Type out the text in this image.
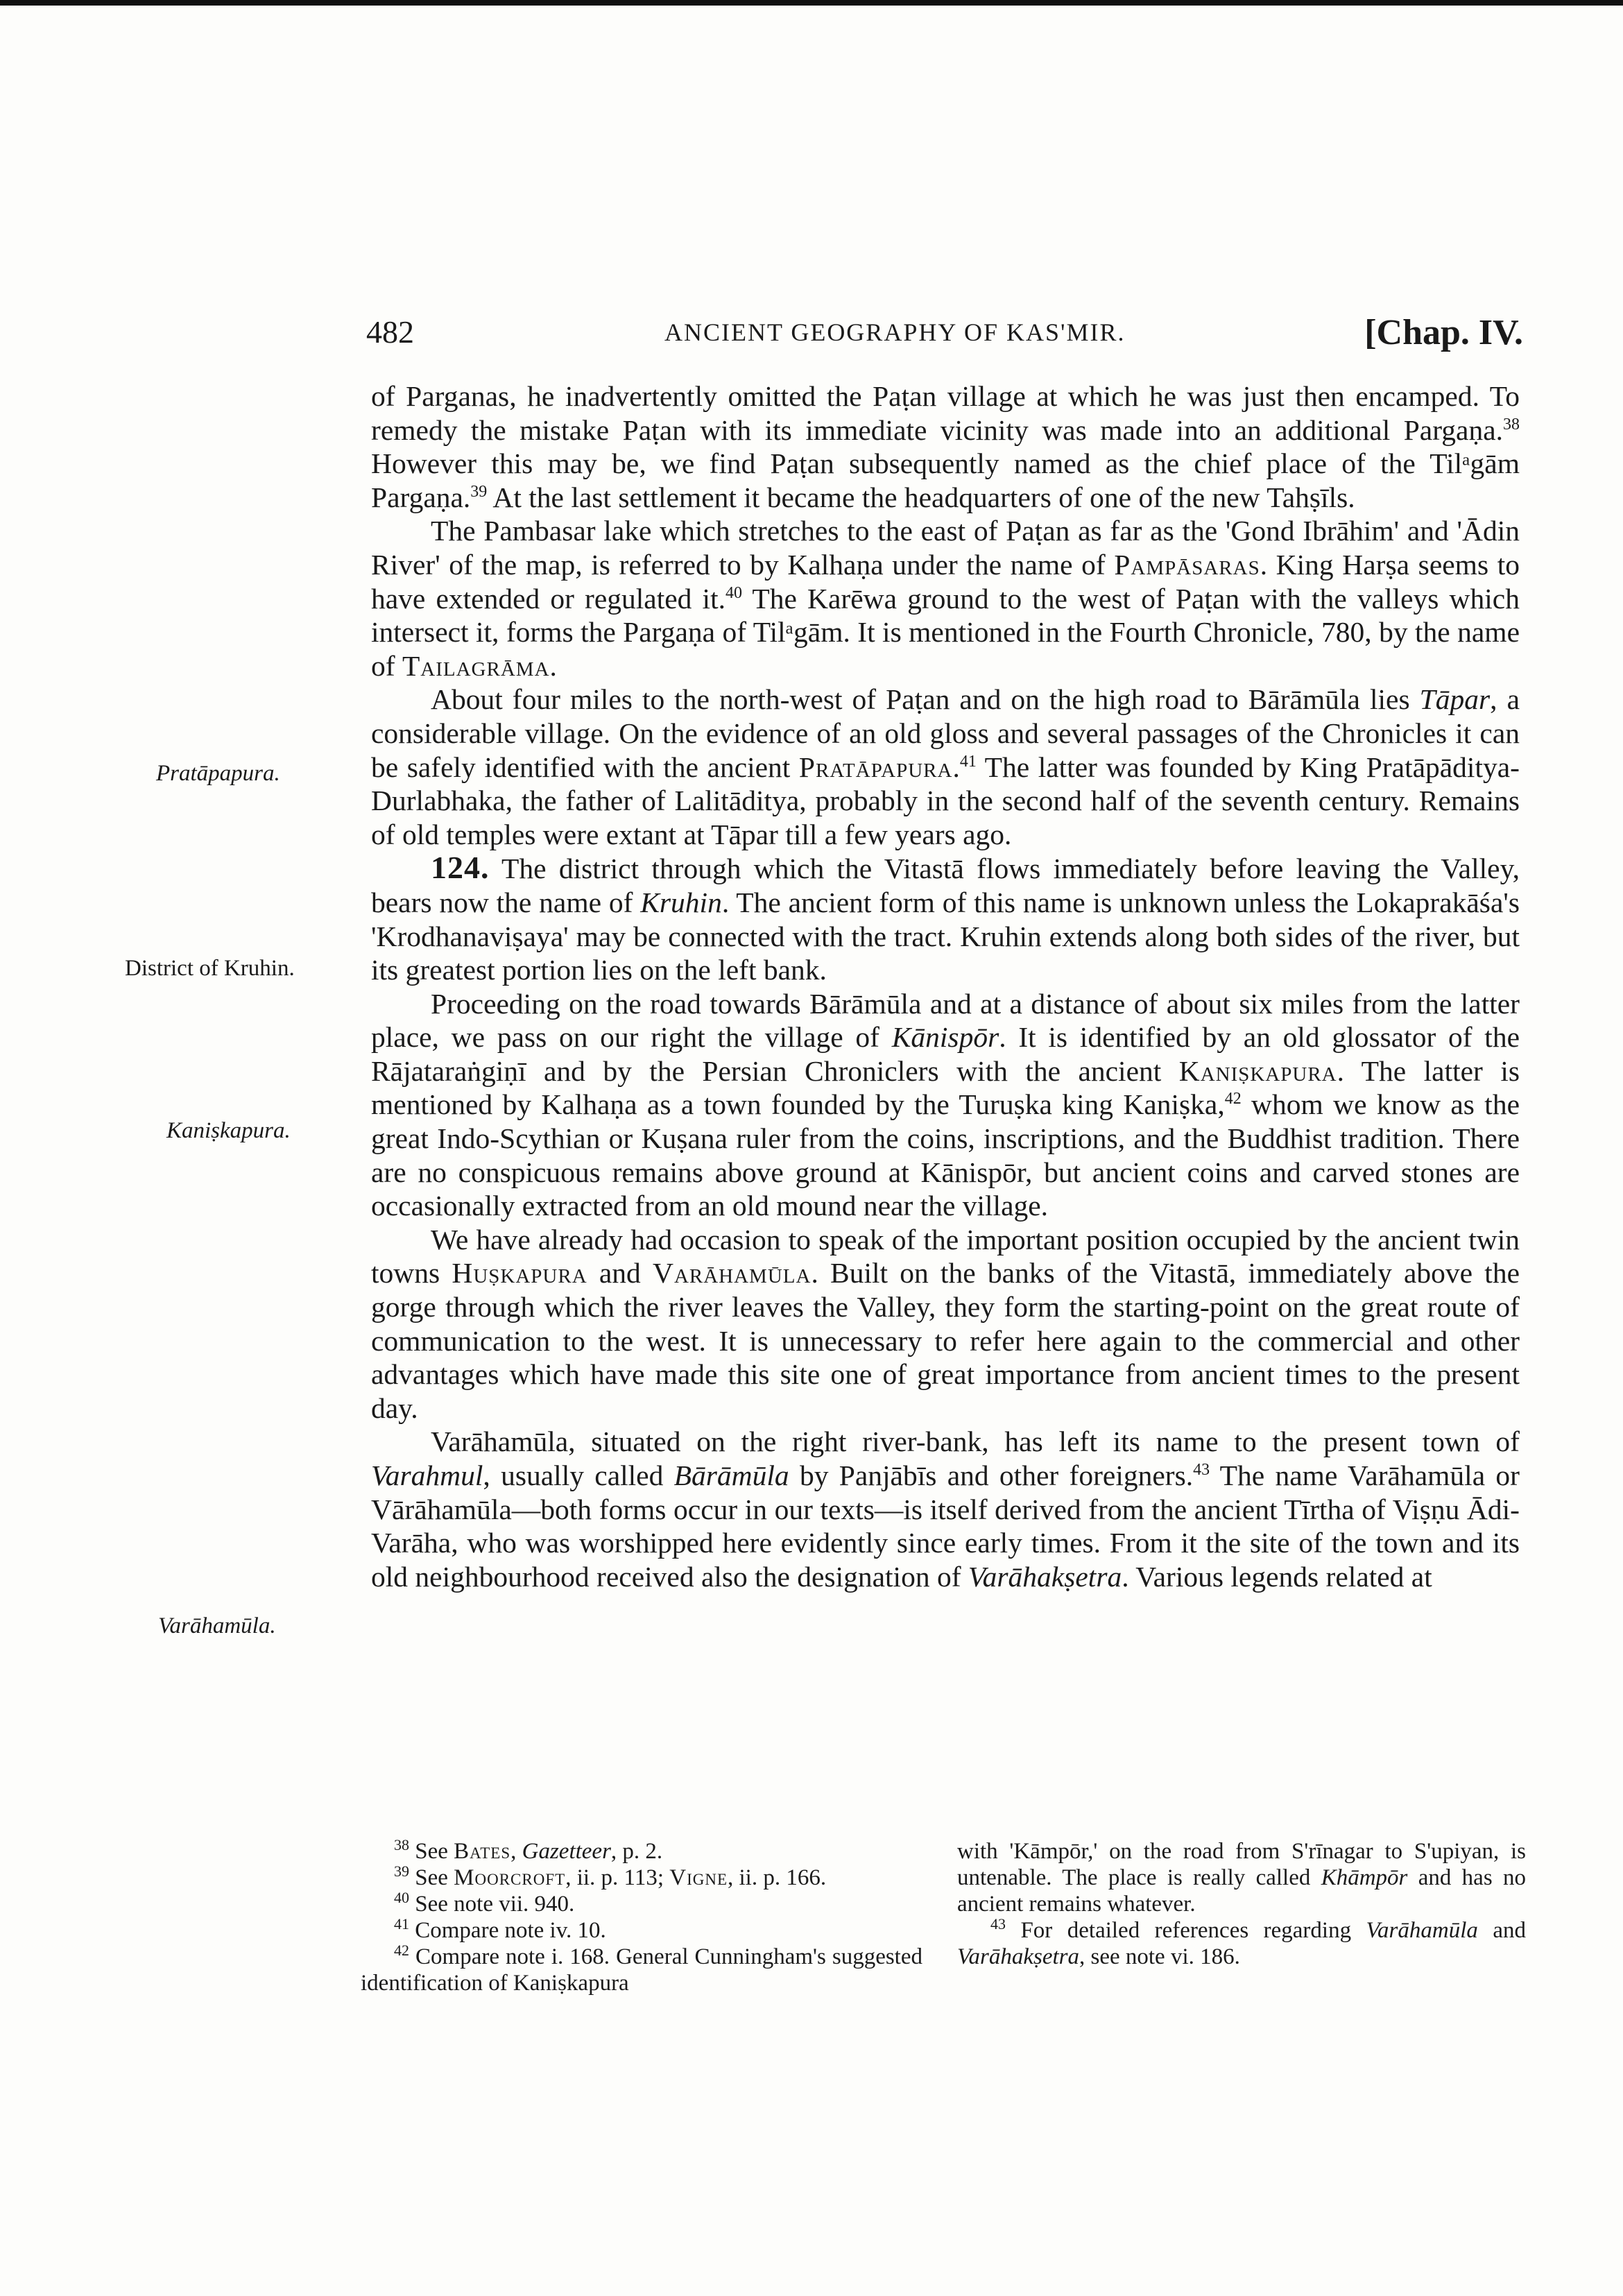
482	ANCIENT GEOGRAPHY OF KAS'MIR.	[Chap. IV.
Pratāpapura.
District of Kruhin.
Kaniṣkapura.
Varāhamūla.

of Parganas, he inadvertently omitted the Paṭan village at which he was just then encamped. To remedy the mistake Paṭan with its immediate vicinity was made into an additional Pargaṇa.$^{38}$ However this may be, we find Paṭan subsequently named as the chief place of the Tilᵃgām Pargaṇa.$^{39}$ At the last settlement it became the headquarters of one of the new Tahṣīls.

The Pambasar lake which stretches to the east of Paṭan as far as the 'Gond Ibrāhim' and 'Ādin River' of the map, is referred to by Kalhaṇa under the name of Pampāsaras. King Harṣa seems to have extended or regulated it.$^{40}$ The Karēwa ground to the west of Paṭan with the valleys which intersect it, forms the Pargaṇa of Tilᵃgām. It is mentioned in the Fourth Chronicle, 780, by the name of Tailagrāma.

About four miles to the north-west of Paṭan and on the high road to Bārāmūla lies Tāpar, a considerable village. On the evidence of an old gloss and several passages of the Chronicles it can be safely identified with the ancient Pratāpapura.$^{41}$ The latter was founded by King Pratāpāditya-Durlabhaka, the father of Lalitāditya, probably in the second half of the seventh century. Remains of old temples were extant at Tāpar till a few years ago.

124. The district through which the Vitastā flows immediately before leaving the Valley, bears now the name of Kruhin. The ancient form of this name is unknown unless the Lokaprakāśa's 'Krodhanaviṣaya' may be connected with the tract. Kruhin extends along both sides of the river, but its greatest portion lies on the left bank.

Proceeding on the road towards Bārāmūla and at a distance of about six miles from the latter place, we pass on our right the village of Kānispōr. It is identified by an old glossator of the Rājataraṅgiṇī and by the Persian Chroniclers with the ancient Kaniṣkapura. The latter is mentioned by Kalhaṇa as a town founded by the Turuṣka king Kaniṣka,$^{42}$ whom we know as the great Indo-Scythian or Kuṣana ruler from the coins, inscriptions, and the Buddhist tradition. There are no conspicuous remains above ground at Kānispōr, but ancient coins and carved stones are occasionally extracted from an old mound near the village.

We have already had occasion to speak of the important position occupied by the ancient twin towns Huṣkapura and Varāhamūla. Built on the banks of the Vitastā, immediately above the gorge through which the river leaves the Valley, they form the starting-point on the great route of communication to the west. It is unnecessary to refer here again to the commercial and other advantages which have made this site one of great importance from ancient times to the present day.

Varāhamūla, situated on the right river-bank, has left its name to the present town of Varahmul, usually called Bārāmūla by Panjābīs and other foreigners.$^{43}$ The name Varāhamūla or Vārāhamūla—both forms occur in our texts—is itself derived from the ancient Tīrtha of Viṣṇu Ādi-Varāha, who was worshipped here evidently since early times. From it the site of the town and its old neighbourhood received also the designation of Varāhakṣetra. Various legends related at

$^{38}$ See Bates, Gazetteer, p. 2.

$^{39}$ See Moorcroft, ii. p. 113; Vigne, ii. p. 166.

$^{40}$ See note vii. 940.

$^{41}$ Compare note iv. 10.

$^{42}$ Compare note i. 168. General Cunningham's suggested identification of Kaniṣkapura

with 'Kāmpōr,' on the road from S'rīnagar to S'upiyan, is untenable. The place is really called Khāmpōr and has no ancient remains whatever.

$^{43}$ For detailed references regarding Varāhamūla and Varāhakṣetra, see note vi. 186.
